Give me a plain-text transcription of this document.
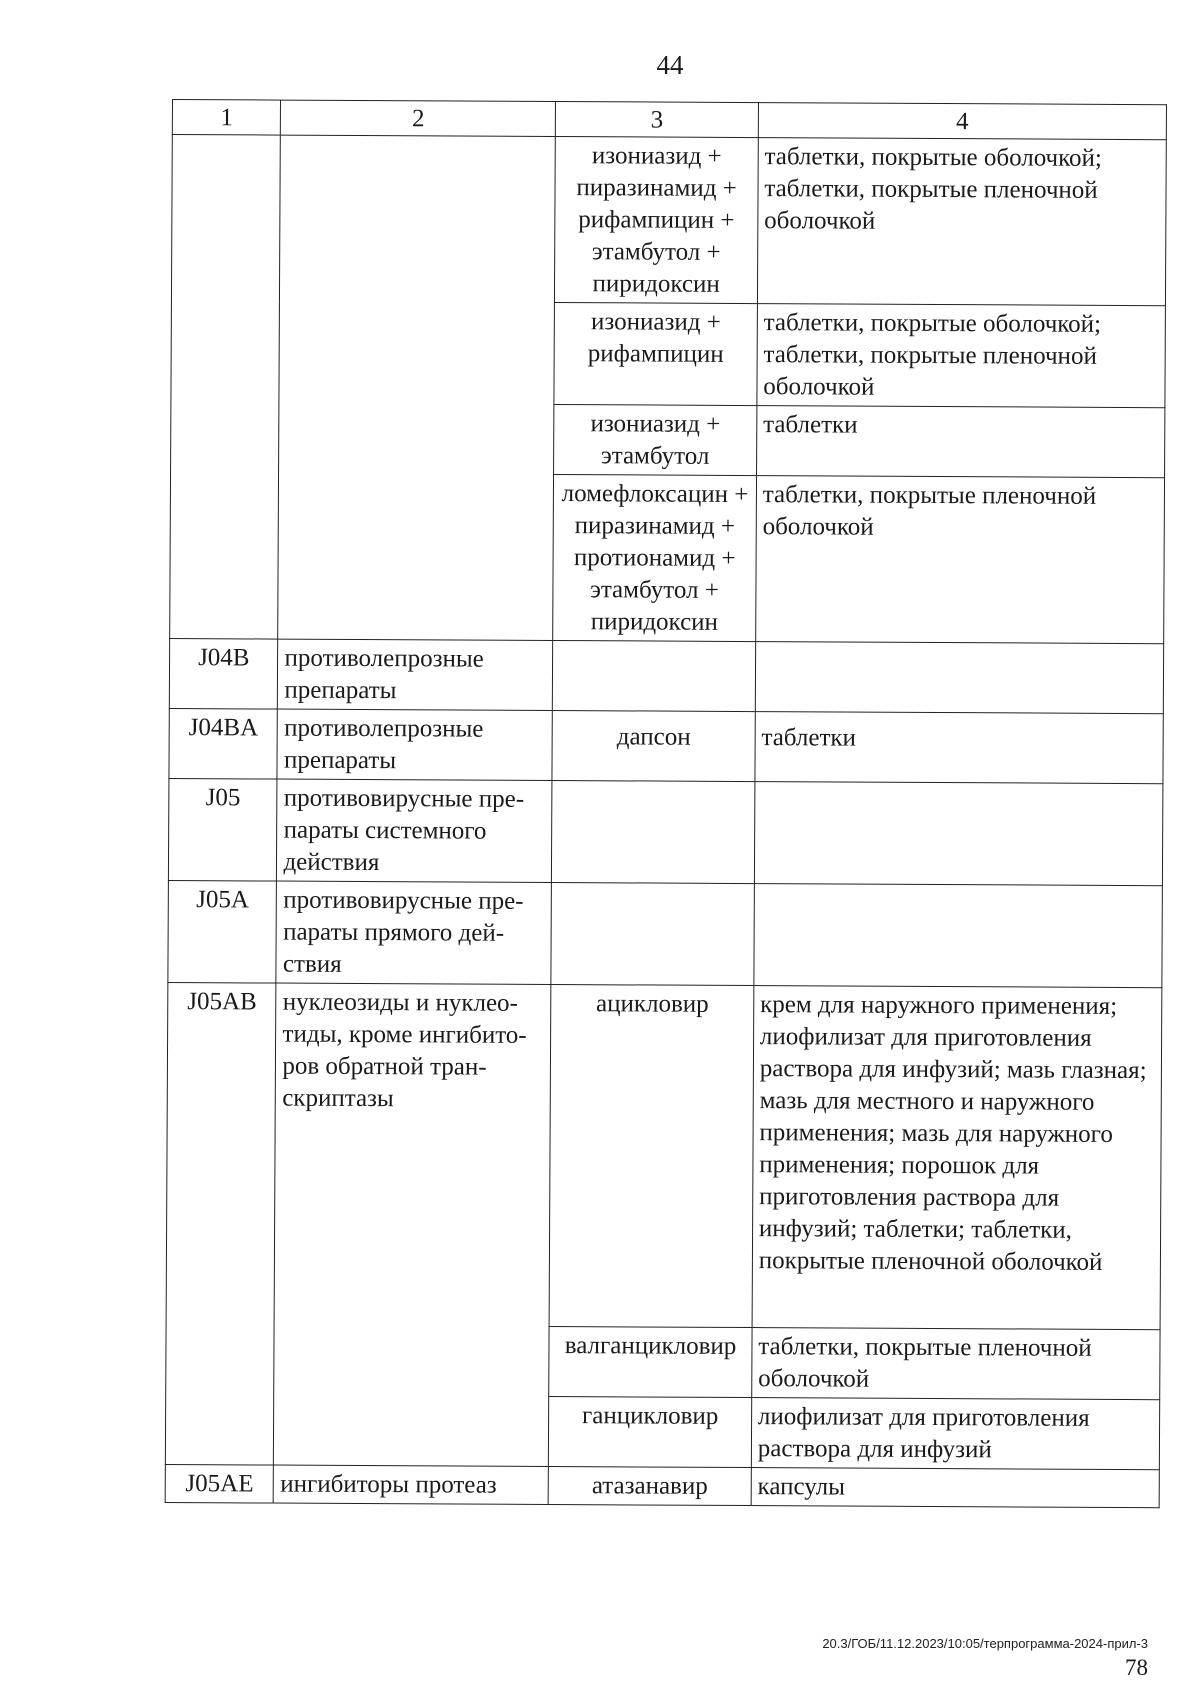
44
1	2	3	4
		изониазид + пиразинамид + рифампицин + этамбутол + пиридоксин	таблетки, покрытые оболочкой; таблетки, покрытые пленочной оболочкой
		изониазид + рифампицин	таблетки, покрытые оболочкой; таблетки, покрытые пленочной оболочкой
		изониазид + этамбутол	таблетки
		ломефлоксацин + пиразинамид + протионамид + этамбутол + пиридоксин	таблетки, покрытые пленочной оболочкой
J04B	противолепрозные препараты		
J04BA	противолепрозные препараты	дапсон	таблетки
J05	противовирусные пре-параты системного действия		
J05A	противовирусные пре-параты прямого дей-ствия		
J05AB	нуклеозиды и нуклео-тиды, кроме ингибито-ров обратной тран-скриптазы	ацикловир	крем для наружного применения; лиофилизат для приготовления раствора для инфузий; мазь глазная; мазь для местного и наружного применения; мазь для наружного применения; порошок для приготовления раствора для инфузий; таблетки; таблетки, покрытые пленочной оболочкой
		валганцикловир	таблетки, покрытые пленочной оболочкой
		ганцикловир	лиофилизат для приготовления раствора для инфузий
J05AE	ингибиторы протеаз	атазанавир	капсулы
20.3/ГОБ/11.12.2023/10:05/терпрограмма-2024-прил-3
78
